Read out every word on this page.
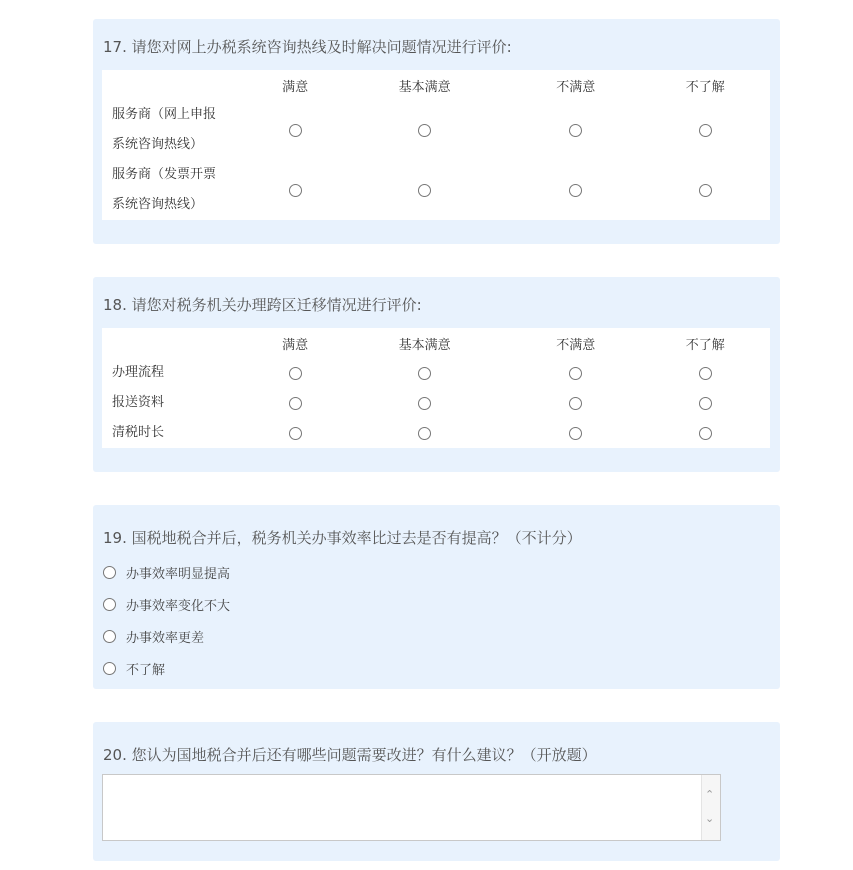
17. 请您对网上办税系统咨询热线及时解决问题情况进行评价:
	满意	基本满意	不满意	不了解
服务商（网上申报
系统咨询热线）				
服务商（发票开票
系统咨询热线）				
18. 请您对税务机关办理跨区迁移情况进行评价:
	满意	基本满意	不满意	不了解
办理流程				
报送资料				
清税时长				
19. 国税地税合并后，税务机关办事效率比过去是否有提高？（不计分）
办事效率明显提高
办事效率变化不大
办事效率更差
不了解
20. 您认为国地税合并后还有哪些问题需要改进？有什么建议？（开放题）
⌃
⌄
